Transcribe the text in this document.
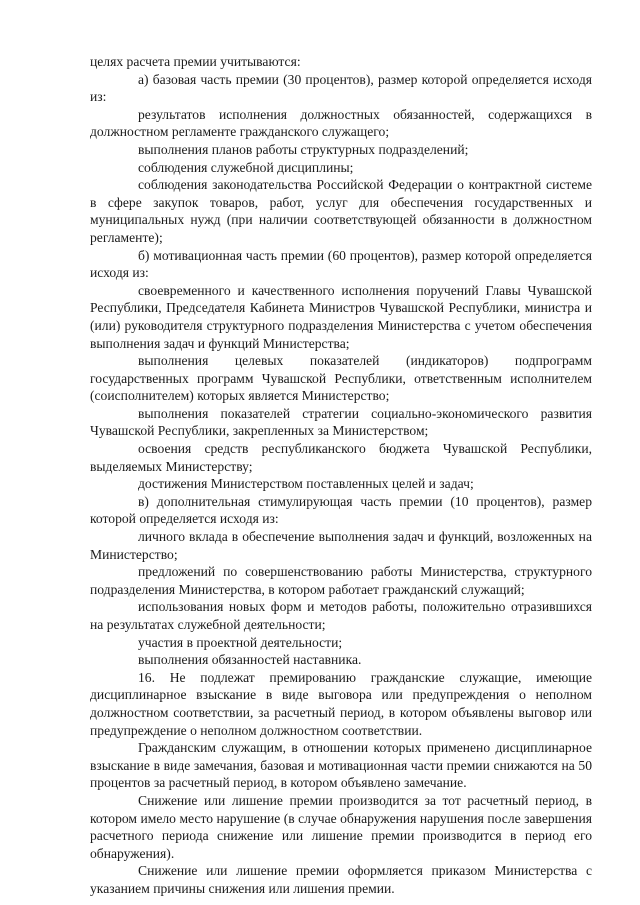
целях расчета премии учитываются:

а) базовая часть премии (30 процентов), размер которой определяется исходя из:

результатов исполнения должностных обязанностей, содержащихся в должностном регламенте гражданского служащего;

выполнения планов работы структурных подразделений;

соблюдения служебной дисциплины;

соблюдения законодательства Российской Федерации о контрактной системе в сфере закупок товаров, работ, услуг для обеспечения государственных и муниципальных нужд (при наличии соответствующей обязанности в должностном регламенте);

б) мотивационная часть премии (60 процентов), размер которой определяется исходя из:

своевременного и качественного исполнения поручений Главы Чувашской Республики, Председателя Кабинета Министров Чувашской Республики, министра и (или) руководителя структурного подразделения Министерства с учетом обеспечения выполнения задач и функций Министерства;

выполнения целевых показателей (индикаторов) подпрограмм государственных программ Чувашской Республики, ответственным исполнителем (соисполнителем) которых является Министерство;

выполнения показателей стратегии социально-экономического развития Чувашской Республики, закрепленных за Министерством;

освоения средств республиканского бюджета Чувашской Республики, выделяемых Министерству;

достижения Министерством поставленных целей и задач;

в) дополнительная стимулирующая часть премии (10 процентов), размер которой определяется исходя из:

личного вклада в обеспечение выполнения задач и функций, возложенных на Министерство;

предложений по совершенствованию работы Министерства, структурного подразделения Министерства, в котором работает гражданский служащий;

использования новых форм и методов работы, положительно отразившихся на результатах служебной деятельности;

участия в проектной деятельности;

выполнения обязанностей наставника.

16. Не подлежат премированию гражданские служащие, имеющие дисциплинарное взыскание в виде выговора или предупреждения о неполном должностном соответствии, за расчетный период, в котором объявлены выговор или предупреждение о неполном должностном соответствии.

Гражданским служащим, в отношении которых применено дисциплинарное взыскание в виде замечания, базовая и мотивационная части премии снижаются на 50 процентов за расчетный период, в котором объявлено замечание.

Снижение или лишение премии производится за тот расчетный период, в котором имело место нарушение (в случае обнаружения нарушения после завершения расчетного периода снижение или лишение премии производится в период его обнаружения).

Снижение или лишение премии оформляется приказом Министерства с указанием причины снижения или лишения премии.
